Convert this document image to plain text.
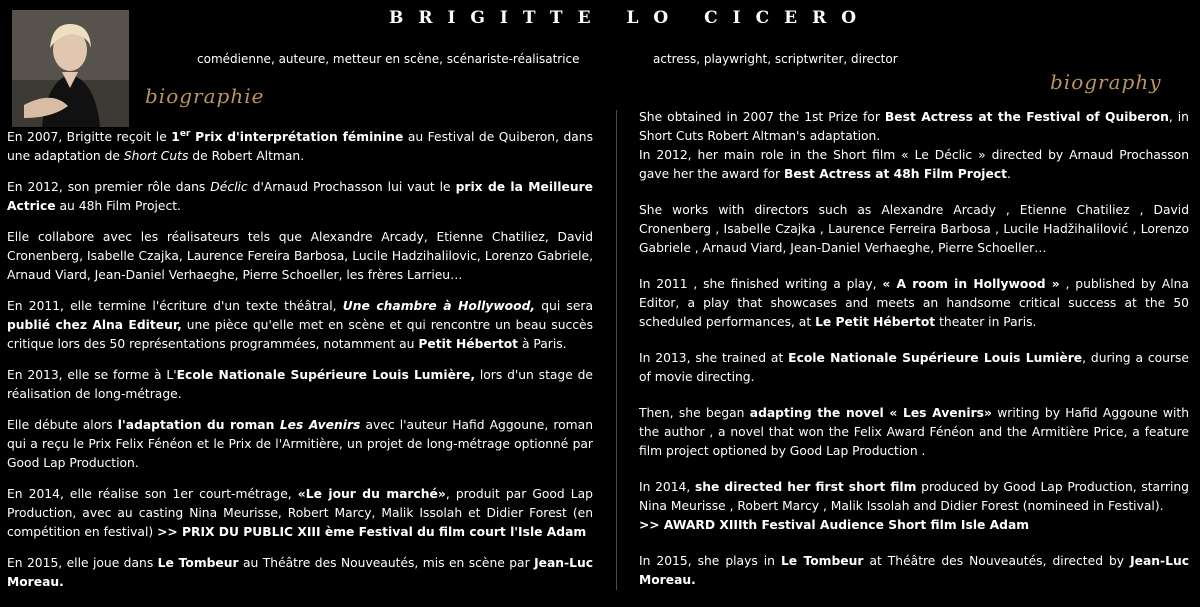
BRIGITTE LO CICERO
comédienne, auteure, metteur en scène, scénariste-réalisatrice	actress, playwright, scriptwriter, director
biographie
biography

En 2007, Brigitte reçoit le 1er Prix d'interprétation féminine au Festival de Quiberon, dans une adaptation de Short Cuts de Robert Altman.

En 2012, son premier rôle dans Déclic d'Arnaud Prochasson lui vaut le prix de la Meilleure Actrice au 48h Film Project.

Elle collabore avec les réalisateurs tels que Alexandre Arcady, Etienne Chatiliez, David Cronenberg, Isabelle Czajka, Laurence Fereira Barbosa, Lucile Hadzihalilovic, Lorenzo Gabriele, Arnaud Viard, Jean-Daniel Verhaeghe, Pierre Schoeller, les frères Larrieu…

En 2011, elle termine l'écriture d'un texte théâtral, Une chambre à Hollywood, qui sera publié chez Alna Editeur, une pièce qu'elle met en scène et qui rencontre un beau succès critique lors des 50 représentations programmées, notamment au Petit Hébertot à Paris.

En 2013, elle se forme à L'Ecole Nationale Supérieure Louis Lumière, lors d'un stage de réalisation de long-métrage.

Elle débute alors l'adaptation du roman Les Avenirs avec l'auteur Hafid Aggoune, roman qui a reçu le Prix Felix Fénéon et le Prix de l'Armitière, un projet de long-métrage optionné par Good Lap Production.

En 2014, elle réalise son 1er court-métrage, «Le jour du marché», produit par Good Lap Production, avec au casting Nina Meurisse, Robert Marcy, Malik Issolah et Didier Forest (en compétition en festival) >> PRIX DU PUBLIC XIII ème Festival du film court l'Isle Adam

En 2015, elle joue dans Le Tombeur au Théâtre des Nouveautés, mis en scène par Jean-Luc Moreau.

She obtained in 2007 the 1st Prize for Best Actress at the Festival of Quiberon, in Short Cuts Robert Altman's adaptation.
In 2012, her main role in the Short film « Le Déclic » directed by Arnaud Prochasson gave her the award for Best Actress at 48h Film Project.

She works with directors such as Alexandre Arcady , Etienne Chatiliez , David Cronenberg , Isabelle Czajka , Laurence Ferreira Barbosa , Lucile Hadžihalilović , Lorenzo Gabriele , Arnaud Viard, Jean-Daniel Verhaeghe, Pierre Schoeller…

In 2011 , she finished writing a play, « A room in Hollywood » , published by Alna Editor, a play that showcases and meets an handsome critical success at the 50 scheduled performances, at Le Petit Hébertot theater in Paris.

In 2013, she trained at Ecole Nationale Supérieure Louis Lumière, during a course of movie directing.

Then, she began adapting the novel « Les Avenirs» writing by Hafid Aggoune with the author , a novel that won the Felix Award Fénéon and the Armitière Price, a feature film project optioned by Good Lap Production .

In 2014, she directed her first short film produced by Good Lap Production, starring Nina Meurisse , Robert Marcy , Malik Issolah and Didier Forest (nomineed in Festival).
>> AWARD XIIIth Festival Audience Short film Isle Adam

In 2015, she plays in Le Tombeur at Théâtre des Nouveautés, directed by Jean-Luc Moreau.
